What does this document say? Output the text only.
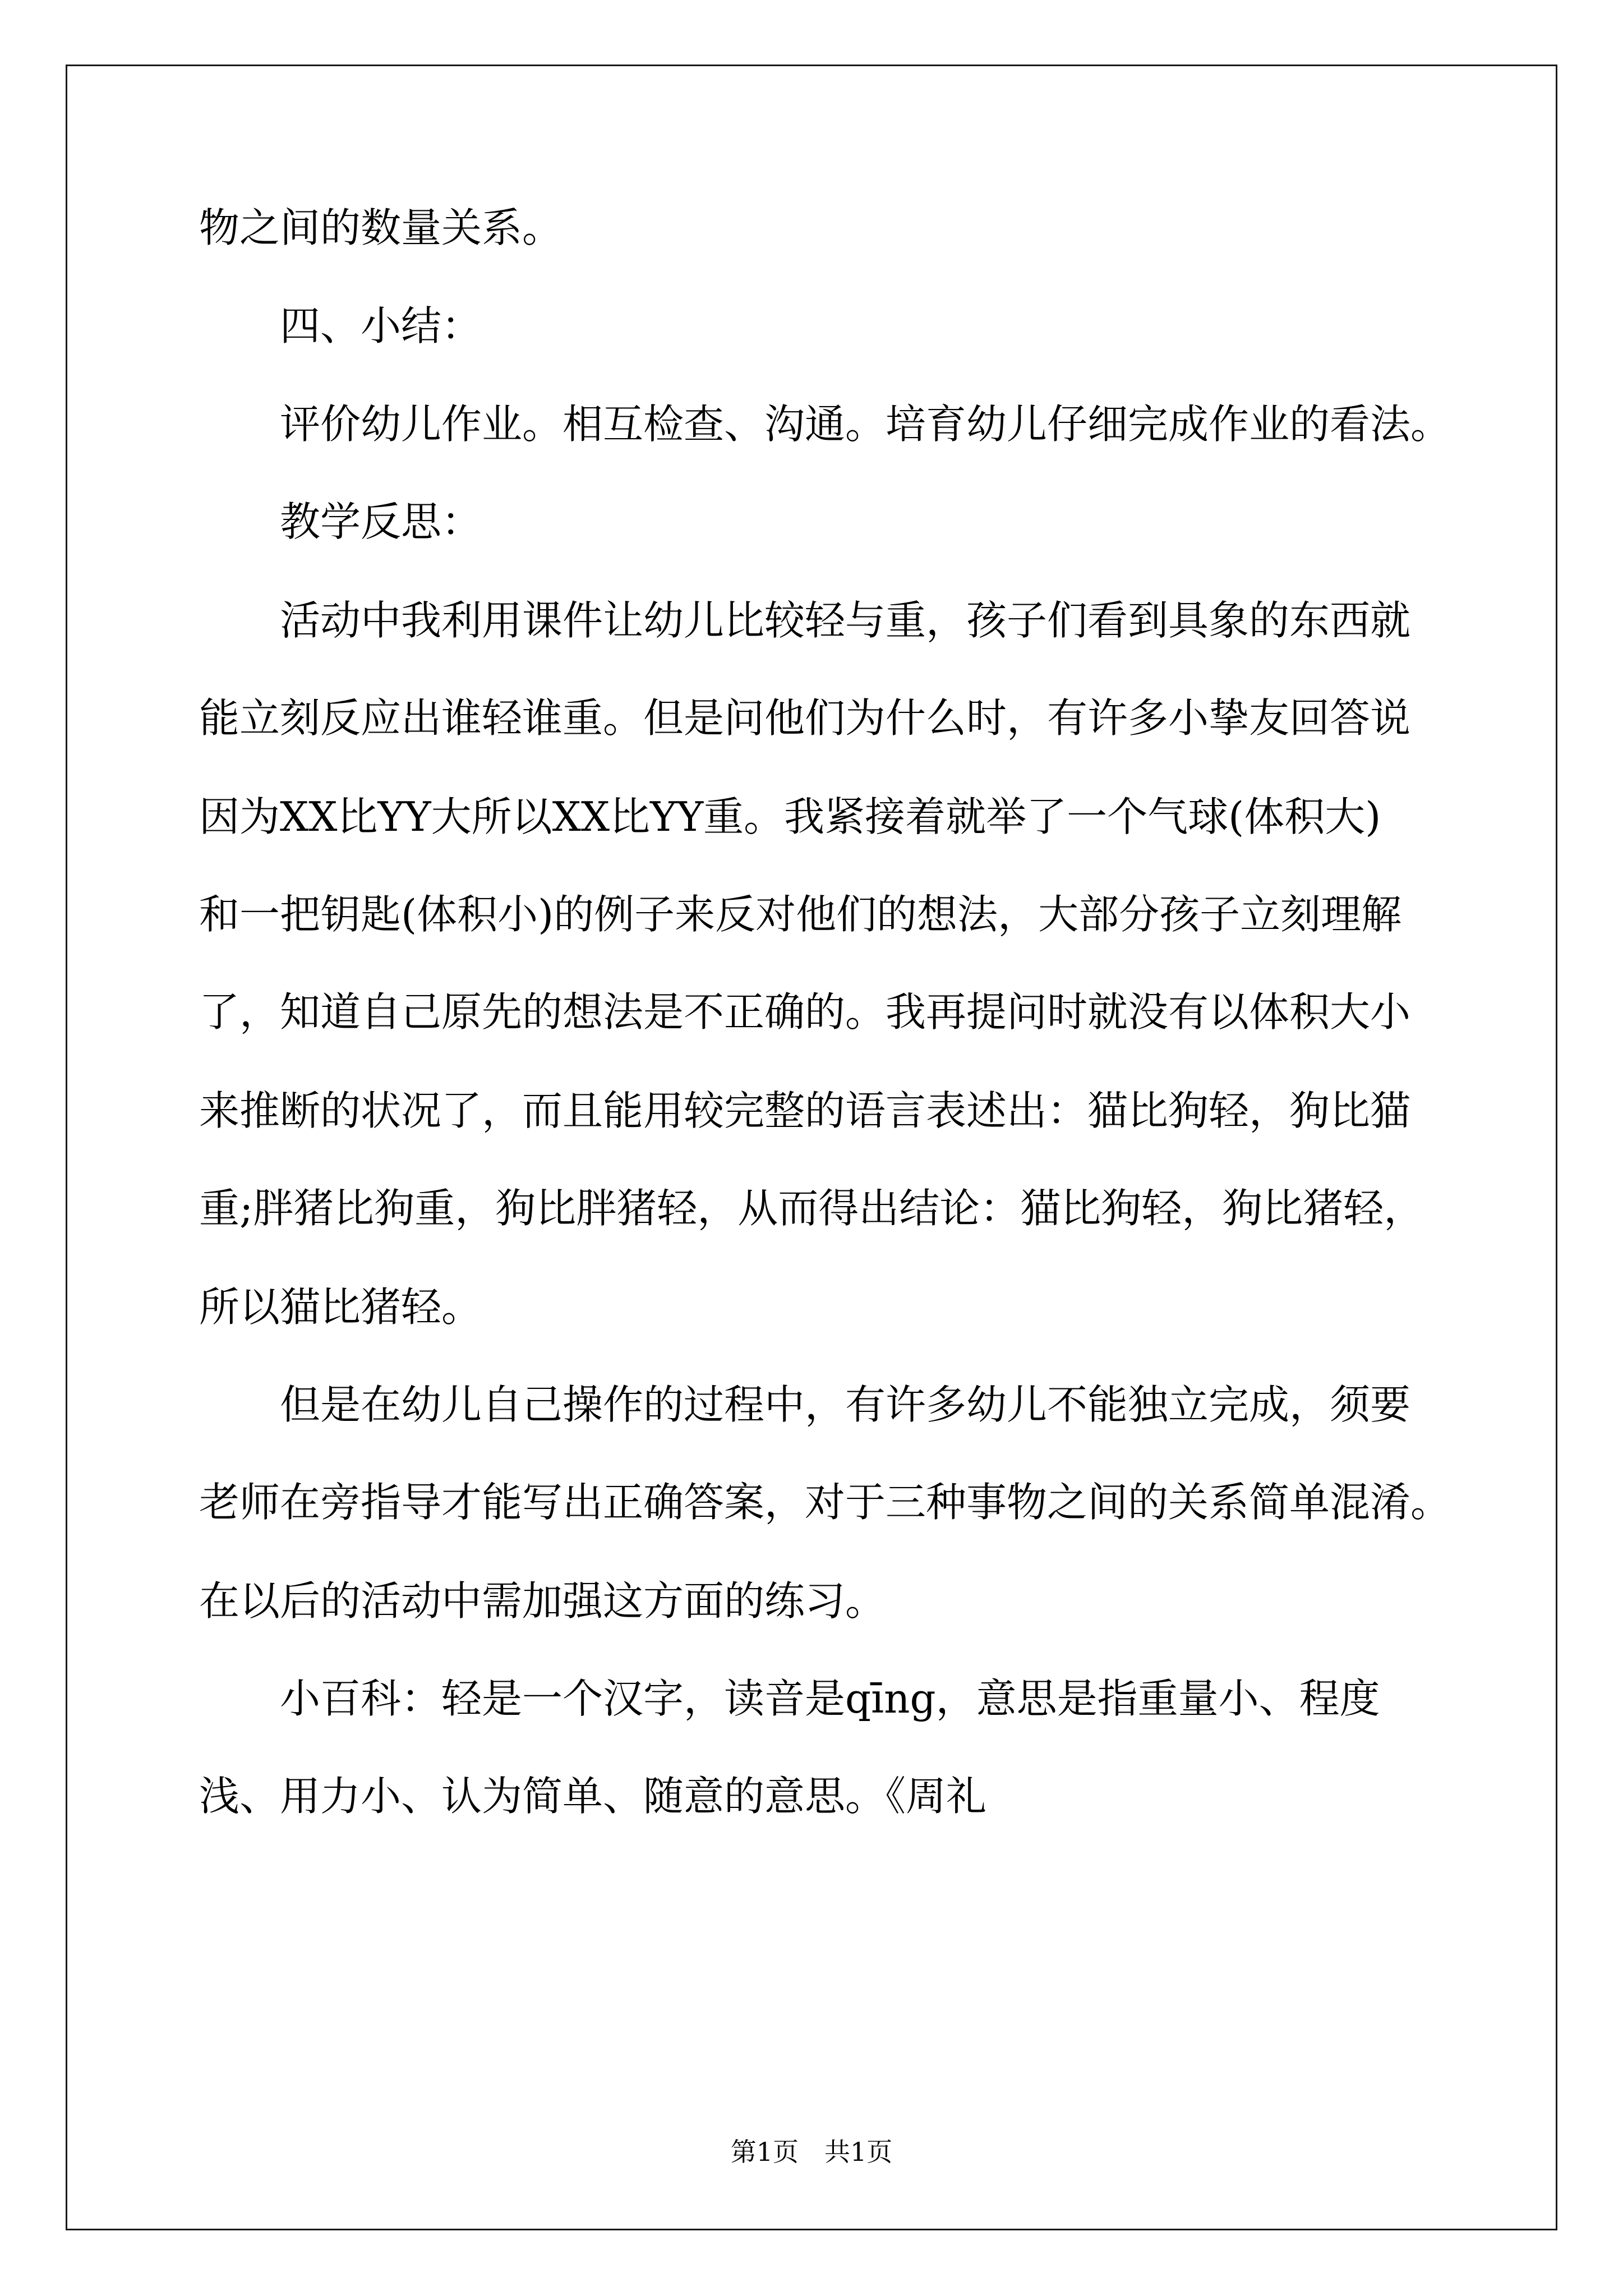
物之间的数量关系。
四、小结：
评价幼儿作业。相互检查、沟通。培育幼儿仔细完成作业的看法。
教学反思：
活动中我利用课件让幼儿比较轻与重，孩子们看到具象的东西就
能立刻反应出谁轻谁重。但是问他们为什么时，有许多小挚友回答说
因为XX比YY大所以XX比YY重。我紧接着就举了一个气球(体积大)
和一把钥匙(体积小)的例子来反对他们的想法，大部分孩子立刻理解
了，知道自己原先的想法是不正确的。我再提问时就没有以体积大小
来推断的状况了，而且能用较完整的语言表述出：猫比狗轻，狗比猫
重;胖猪比狗重，狗比胖猪轻，从而得出结论：猫比狗轻，狗比猪轻，
所以猫比猪轻。
但是在幼儿自己操作的过程中，有许多幼儿不能独立完成，须要
老师在旁指导才能写出正确答案，对于三种事物之间的关系简单混淆。
在以后的活动中需加强这方面的练习。
小百科：轻是一个汉字，读音是qīng，意思是指重量小、程度
浅、用力小、认为简单、随意的意思。《周礼
第1页 共1页
